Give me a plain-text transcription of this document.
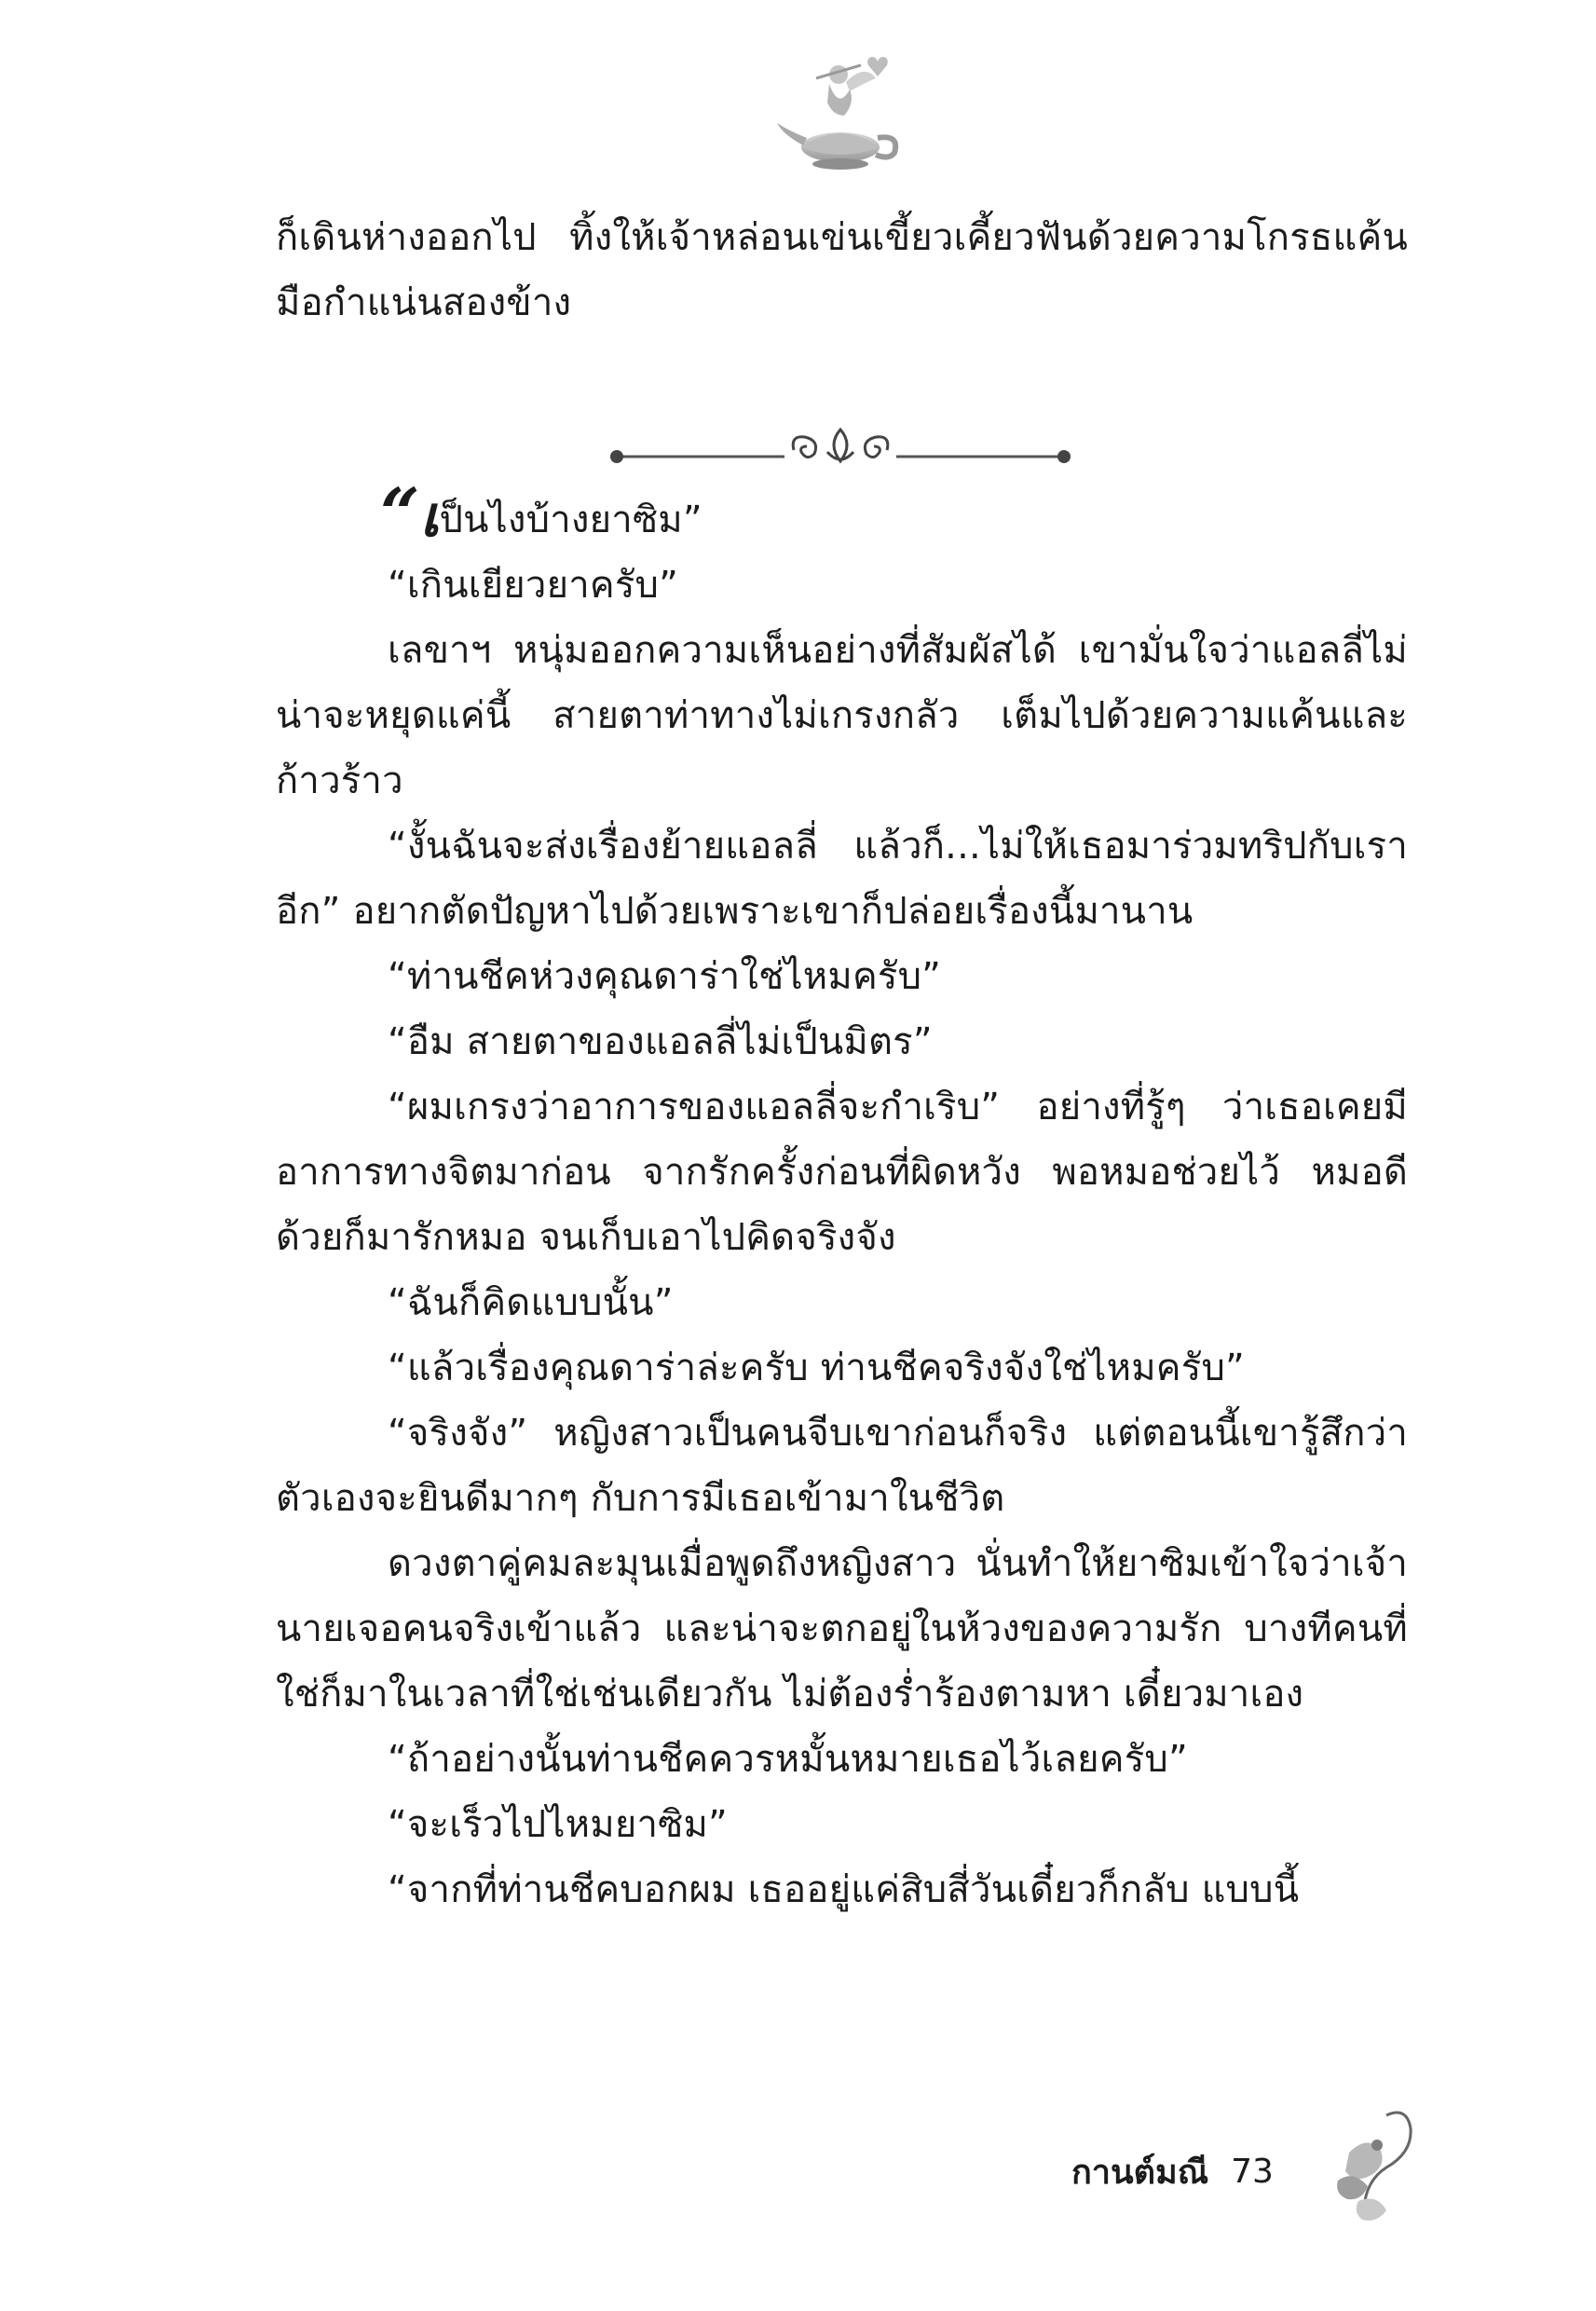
ก็เดินห่างออกไป ทิ้งให้เจ้าหล่อนเข่นเขี้ยวเคี้ยวฟันด้วยความโกรธแค้น มือกำแน่นสองข้าง

“เป็นไงบ้างยาซิม”

“เกินเยียวยาครับ”

เลขาฯ หนุ่มออกความเห็นอย่างที่สัมผัสได้ เขามั่นใจว่าแอลลี่ไม่น่าจะหยุดแค่นี้ สายตาท่าทางไม่เกรงกลัว เต็มไปด้วยความแค้นและก้าวร้าว

“งั้นฉันจะส่งเรื่องย้ายแอลลี่ แล้วก็...ไม่ให้เธอมาร่วมทริปกับเราอีก” อยากตัดปัญหาไปด้วยเพราะเขาก็ปล่อยเรื่องนี้มานาน

“ท่านชีคห่วงคุณดาร่าใช่ไหมครับ”

“อืม สายตาของแอลลี่ไม่เป็นมิตร”

“ผมเกรงว่าอาการของแอลลี่จะกำเริบ” อย่างที่รู้ๆ ว่าเธอเคยมีอาการทางจิตมาก่อน จากรักครั้งก่อนที่ผิดหวัง พอหมอช่วยไว้ หมอดีด้วยก็มารักหมอ จนเก็บเอาไปคิดจริงจัง

“ฉันก็คิดแบบนั้น”

“แล้วเรื่องคุณดาร่าล่ะครับ ท่านชีคจริงจังใช่ไหมครับ”

“จริงจัง” หญิงสาวเป็นคนจีบเขาก่อนก็จริง แต่ตอนนี้เขารู้สึกว่าตัวเองจะยินดีมากๆ กับการมีเธอเข้ามาในชีวิต

ดวงตาคู่คมละมุนเมื่อพูดถึงหญิงสาว นั่นทำให้ยาซิมเข้าใจว่าเจ้านายเจอคนจริงเข้าแล้ว และน่าจะตกอยู่ในห้วงของความรัก บางทีคนที่ใช่ก็มาในเวลาที่ใช่เช่นเดียวกัน ไม่ต้องร่ำร้องตามหา เดี๋ยวมาเอง

“ถ้าอย่างนั้นท่านชีคควรหมั้นหมายเธอไว้เลยครับ”

“จะเร็วไปไหมยาซิม”

“จากที่ท่านชีคบอกผม เธออยู่แค่สิบสี่วันเดี๋ยวก็กลับ แบบนี้

กานต์มณี 73
